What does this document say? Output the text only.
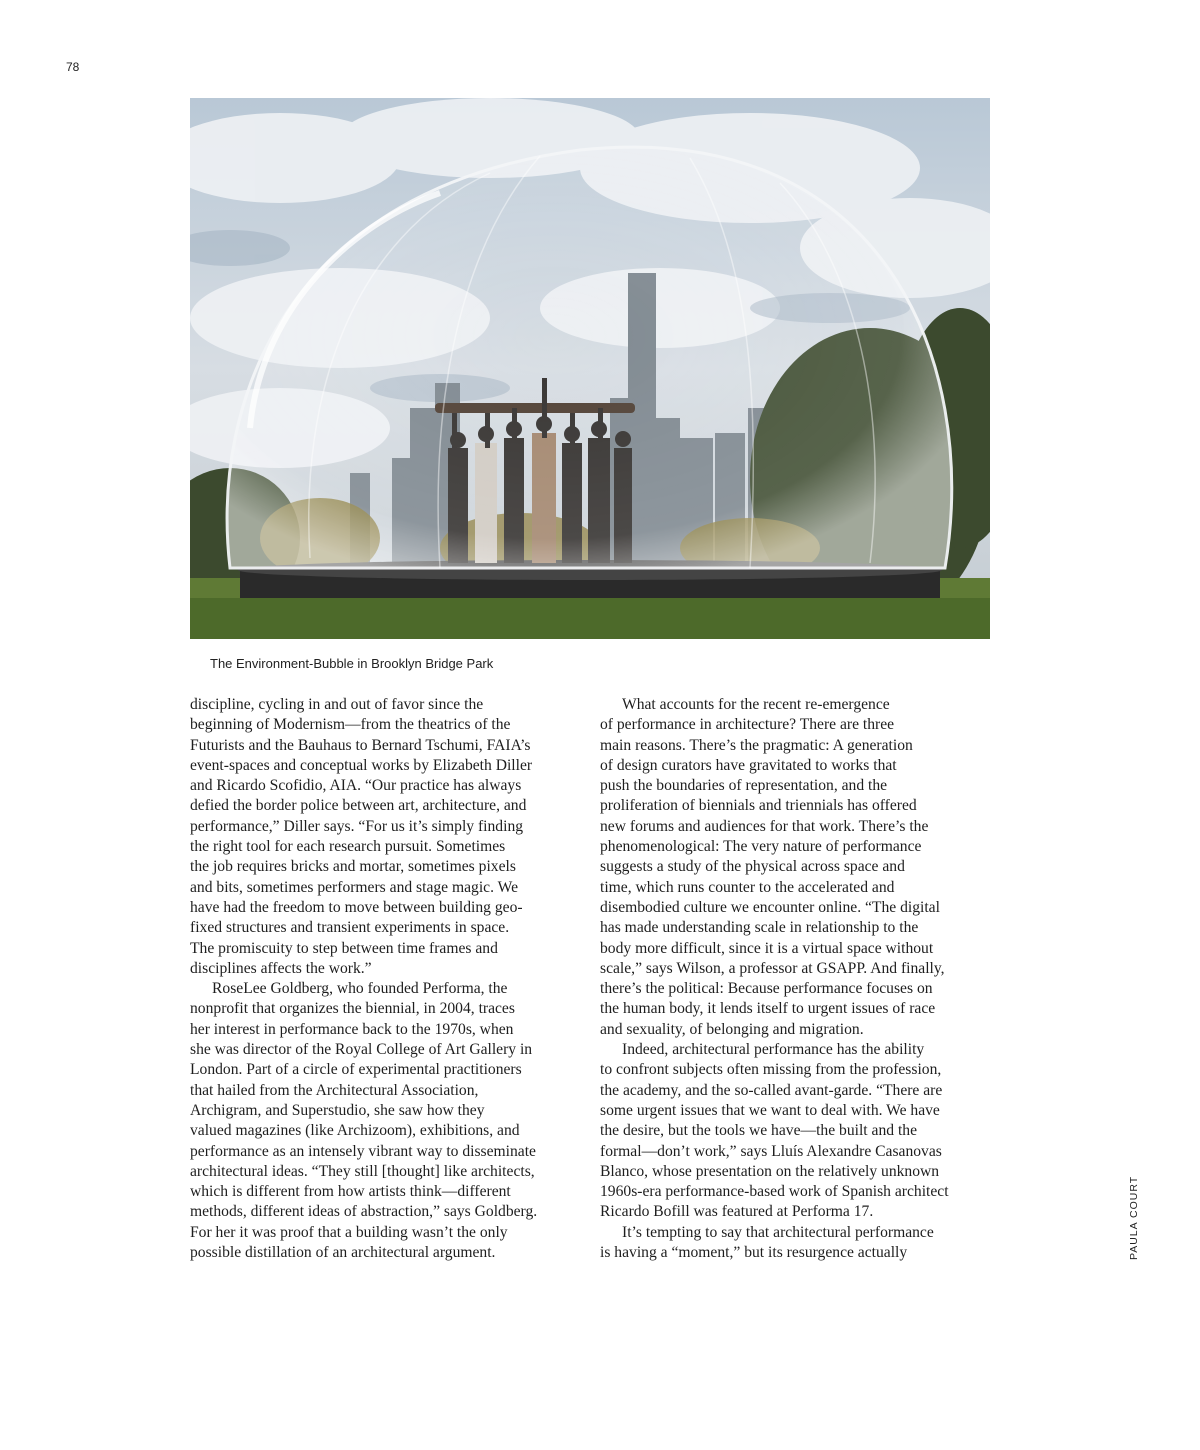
78
The Environment-Bubble in Brooklyn Bridge Park

discipline, cycling in and out of favor since the
beginning of Modernism—from the theatrics of the
Futurists and the Bauhaus to Bernard Tschumi, FAIA’s
event-spaces and conceptual works by Elizabeth Diller
and Ricardo Scofidio, AIA. “Our practice has always
defied the border police between art, architecture, and
performance,” Diller says. “For us it’s simply finding
the right tool for each research pursuit. Sometimes
the job requires bricks and mortar, sometimes pixels
and bits, sometimes performers and stage magic. We
have had the freedom to move between building geo-
fixed structures and transient experiments in space.
The promiscuity to step between time frames and
disciplines affects the work.”

RoseLee Goldberg, who founded Performa, the
nonprofit that organizes the biennial, in 2004, traces
her interest in performance back to the 1970s, when
she was director of the Royal College of Art Gallery in
London. Part of a circle of experimental practitioners
that hailed from the Architectural Association,
Archigram, and Superstudio, she saw how they
valued magazines (like Archizoom), exhibitions, and
performance as an intensely vibrant way to disseminate
architectural ideas. “They still [thought] like architects,
which is different from how artists think—different
methods, different ideas of abstraction,” says Goldberg.
For her it was proof that a building wasn’t the only
possible distillation of an architectural argument.

What accounts for the recent re-emergence
of performance in architecture? There are three
main reasons. There’s the pragmatic: A generation
of design curators have gravitated to works that
push the boundaries of representation, and the
proliferation of biennials and triennials has offered
new forums and audiences for that work. There’s the
phenomenological: The very nature of performance
suggests a study of the physical across space and
time, which runs counter to the accelerated and
disembodied culture we encounter online. “The digital
has made understanding scale in relationship to the
body more difficult, since it is a virtual space without
scale,” says Wilson, a professor at GSAPP. And finally,
there’s the political: Because performance focuses on
the human body, it lends itself to urgent issues of race
and sexuality, of belonging and migration.

Indeed, architectural performance has the ability
to confront subjects often missing from the profession,
the academy, and the so-called avant-garde. “There are
some urgent issues that we want to deal with. We have
the desire, but the tools we have—the built and the
formal—don’t work,” says Lluís Alexandre Casanovas
Blanco, whose presentation on the relatively unknown
1960s-era performance-based work of Spanish architect
Ricardo Bofill was featured at Performa 17.

It’s tempting to say that architectural performance
is having a “moment,” but its resurgence actually	PAULA COURT
